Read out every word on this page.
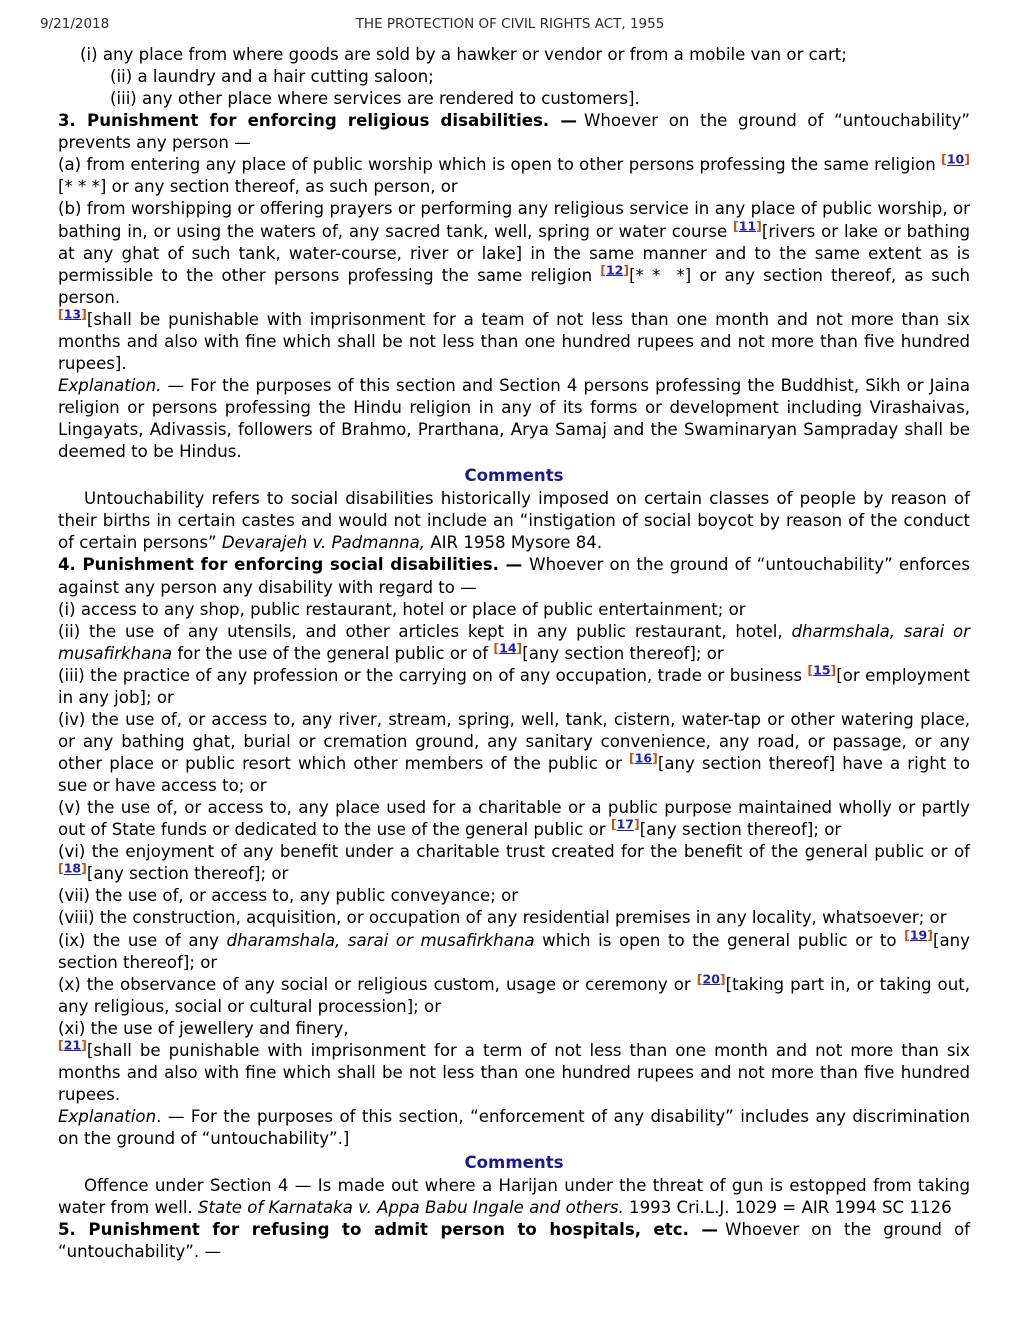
9/21/2018	THE PROTECTION OF CIVIL RIGHTS ACT, 1955

(i) any place from where goods are sold by a hawker or vendor or from a mobile van or cart;

(ii) a laundry and a hair cutting saloon;

(iii) any other place where services are rendered to customers].

3. Punishment for enforcing religious disabilities. — Whoever on the ground of “untouchability” prevents any person —

(a) from entering any place of public worship which is open to other persons professing the same religion [10][* * *] or any section thereof, as such person, or

(b) from worshipping or offering prayers or performing any religious service in any place of public worship, or bathing in, or using the waters of, any sacred tank, well, spring or water course [11][rivers or lake or bathing at any ghat of such tank, water-course, river or lake] in the same manner and to the same extent as is permissible to the other persons professing the same religion [12][* *  *] or any section thereof, as such person.

[13][shall be punishable with imprisonment for a team of not less than one month and not more than six months and also with fine which shall be not less than one hundred rupees and not more than five hundred rupees].

Explanation. — For the purposes of this section and Section 4 persons professing the Buddhist, Sikh or Jaina religion or persons professing the Hindu religion in any of its forms or development including Virashaivas, Lingayats, Adivassis, followers of Brahmo, Prarthana, Arya Samaj and the Swaminaryan Sampraday shall be deemed to be Hindus.

Comments

Untouchability refers to social disabilities historically imposed on certain classes of people by reason of their births in certain castes and would not include an “instigation of social boycot by reason of the conduct of certain persons” Devarajeh v. Padmanna, AIR 1958 Mysore 84.

4. Punishment for enforcing social disabilities. — Whoever on the ground of “untouchability” enforces against any person any disability with regard to —

(i) access to any shop, public restaurant, hotel or place of public entertainment; or

(ii) the use of any utensils, and other articles kept in any public restaurant, hotel, dharmshala, sarai or musafirkhana for the use of the general public or of [14][any section thereof]; or

(iii) the practice of any profession or the carrying on of any occupation, trade or business [15][or employment in any job]; or

(iv) the use of, or access to, any river, stream, spring, well, tank, cistern, water-tap or other watering place, or any bathing ghat, burial or cremation ground, any sanitary convenience, any road, or passage, or any other place or public resort which other members of the public or [16][any section thereof] have a right to sue or have access to; or

(v) the use of, or access to, any place used for a charitable or a public purpose maintained wholly or partly out of State funds or dedicated to the use of the general public or [17][any section thereof]; or

(vi) the enjoyment of any benefit under a charitable trust created for the benefit of the general public or of [18][any section thereof]; or

(vii) the use of, or access to, any public conveyance; or

(viii) the construction, acquisition, or occupation of any residential premises in any locality, whatsoever; or

(ix) the use of any dharamshala, sarai or musafirkhana which is open to the general public or to [19][any section thereof]; or

(x) the observance of any social or religious custom, usage or ceremony or [20][taking part in, or taking out, any religious, social or cultural procession]; or

(xi) the use of jewellery and finery,

[21][shall be punishable with imprisonment for a term of not less than one month and not more than six months and also with fine which shall be not less than one hundred rupees and not more than five hundred rupees.

Explanation. — For the purposes of this section, “enforcement of any disability” includes any discrimination on the ground of “untouchability”.]

Comments

Offence under Section 4 — Is made out where a Harijan under the threat of gun is estopped from taking water from well. State of Karnataka v. Appa Babu Ingale and others. 1993 Cri.L.J. 1029 = AIR 1994 SC 1126

5. Punishment for refusing to admit person to hospitals, etc. — Whoever on the ground of “untouchability”. —
